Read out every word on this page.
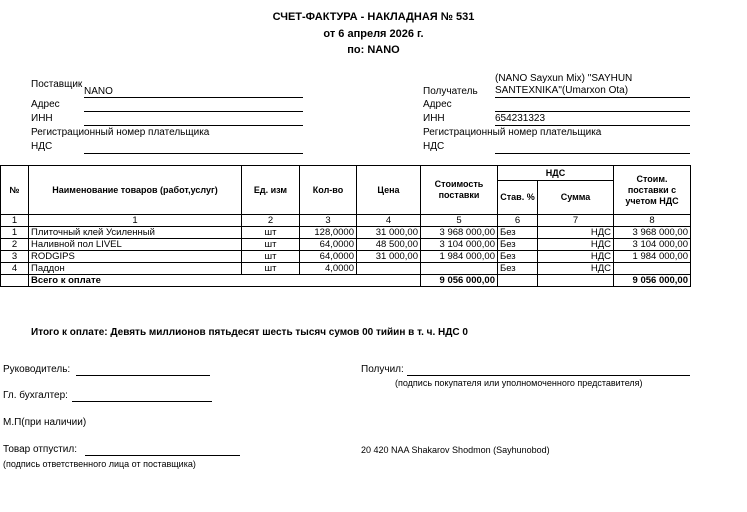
СЧЕТ-ФАКТУРА - НАКЛАДНАЯ № 531
от 6 апреля 2026 г.
по: NANO
Поставщик
NANO
Адрес
ИНН
Регистрационный номер плательщика
НДС
Получатель
(NANO Sayxun Mix) "SAYHUN
SANTEXNIKA"(Umarxon Ota)
Адрес
ИНН	654231323
Регистрационный номер плательщика
НДС
№	Наименование товаров (работ,услуг)	Ед. изм	Кол-во	Цена	Стоимость поставки	НДС		Стоим. поставки с учетом НДС
						Став. %	Сумма	
1	1	2	3	4	5	6	7	8
1	Плиточный клей Усиленный	шт	128,0000	31 000,00	3 968 000,00	Без	НДС	3 968 000,00
2	Наливной пол LIVEL	шт	64,0000	48 500,00	3 104 000,00	Без	НДС	3 104 000,00
3	RODGIPS	шт	64,0000	31 000,00	1 984 000,00	Без	НДС	1 984 000,00
4	Паддон	шт	4,0000			Без	НДС	
	Всего к оплате				9 056 000,00			9 056 000,00
Итого к оплате: Девять миллионов пятьдесят шесть тысяч сумов 00 тийин в т. ч. НДС 0
Руководитель:
Гл. бухгалтер:
М.П(при наличии)
Товар отпустил:
(подпись ответственного лица от поставщика)
Получил:
(подпись покупателя или уполномоченного представителя)
20 420 NAA Shakarov Shodmon (Sayhunobod)
